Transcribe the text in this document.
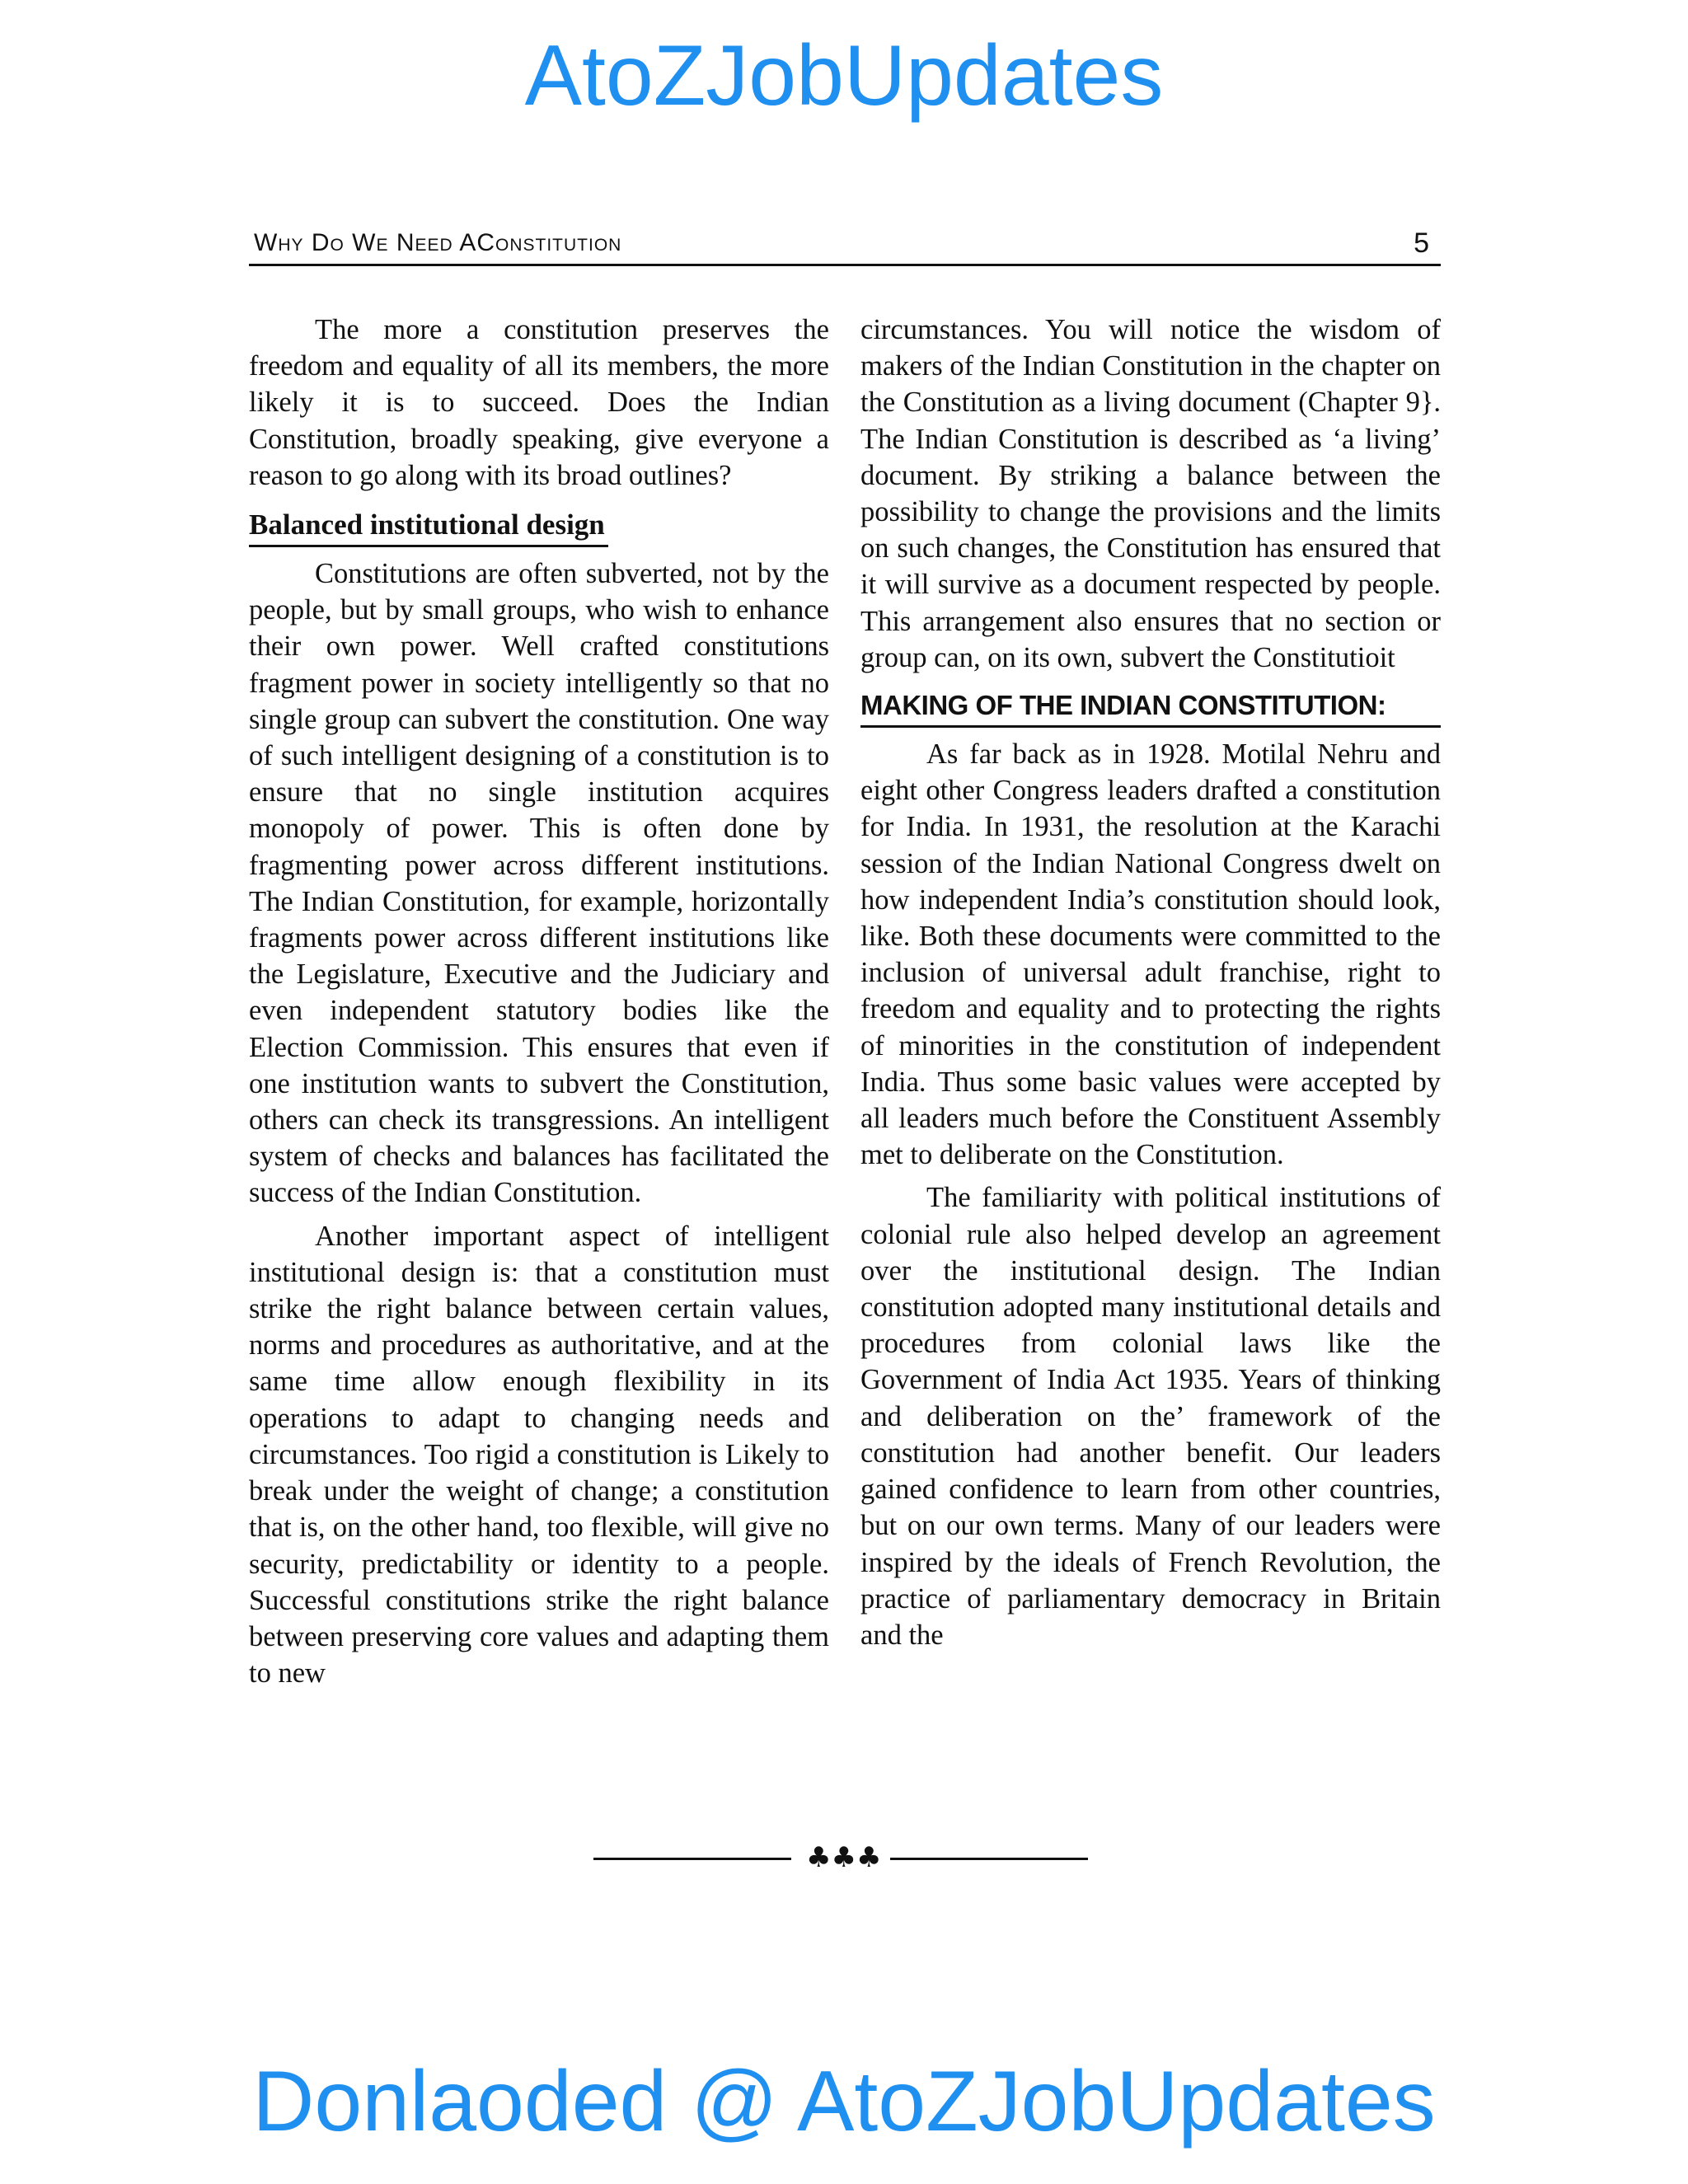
AtoZJobUpdates
Why Do We Need AConstitution	5

The more a constitution preserves the freedom and equality of all its members, the more likely it is to succeed. Does the Indian Constitution, broadly speaking, give everyone a reason to go along with its broad outlines?

Balanced institutional design

Constitutions are often subverted, not by the people, but by small groups, who wish to enhance their own power. Well crafted constitutions fragment power in society intelligently so that no single group can subvert the constitution. One way of such intelligent designing of a constitution is to ensure that no single institution acquires monopoly of power. This is often done by fragmenting power across different institutions. The Indian Constitution, for example, horizontally fragments power across different institutions like the Legislature, Executive and the Judiciary and even independent statutory bodies like the Election Commission. This ensures that even if one institution wants to subvert the Constitution, others can check its transgressions. An intelligent system of checks and balances has facilitated the success of the Indian Constitution.

Another important aspect of intelligent institutional design is: that a constitution must strike the right balance between certain values, norms and procedures as authoritative, and at the same time allow enough flexibility in its operations to adapt to changing needs and circumstances. Too rigid a constitution is Likely to break under the weight of change; a constitution that is, on the other hand, too flexible, will give no security, predictability or identity to a people. Successful constitutions strike the right balance between preserving core values and adapting them to new

circumstances. You will notice the wisdom of makers of the Indian Constitution in the chapter on the Constitution as a living document (Chapter 9}. The Indian Constitution is described as ‘a living’ document. By striking a balance between the possibility to change the provisions and the limits on such changes, the Constitution has ensured that it will survive as a document respected by people. This arrangement also ensures that no section or group can, on its own, subvert the Constitutioit

MAKING OF THE INDIAN CONSTITUTION:

As far back as in 1928. Motilal Nehru and eight other Congress leaders drafted a constitution for India. In 1931, the resolution at the Karachi session of the Indian National Congress dwelt on how independent India’s constitution should look, like. Both these documents were committed to the inclusion of universal adult franchise, right to freedom and equality and to protecting the rights of minorities in the constitution of independent India. Thus some basic values were accepted by all leaders much before the Constituent Assembly met to deliberate on the Constitution.

The familiarity with political institutions of colonial rule also helped develop an agreement over the institutional design. The Indian constitution adopted many institutional details and procedures from colonial laws like the Government of India Act 1935. Years of thinking and deliberation on the’ framework of the constitution had another benefit. Our leaders gained confidence to learn from other countries, but on our own terms. Many of our leaders were inspired by the ideals of French Revolution, the practice of parliamentary democracy in Britain and the

♣♣♣
Donlaoded @ AtoZJobUpdates
